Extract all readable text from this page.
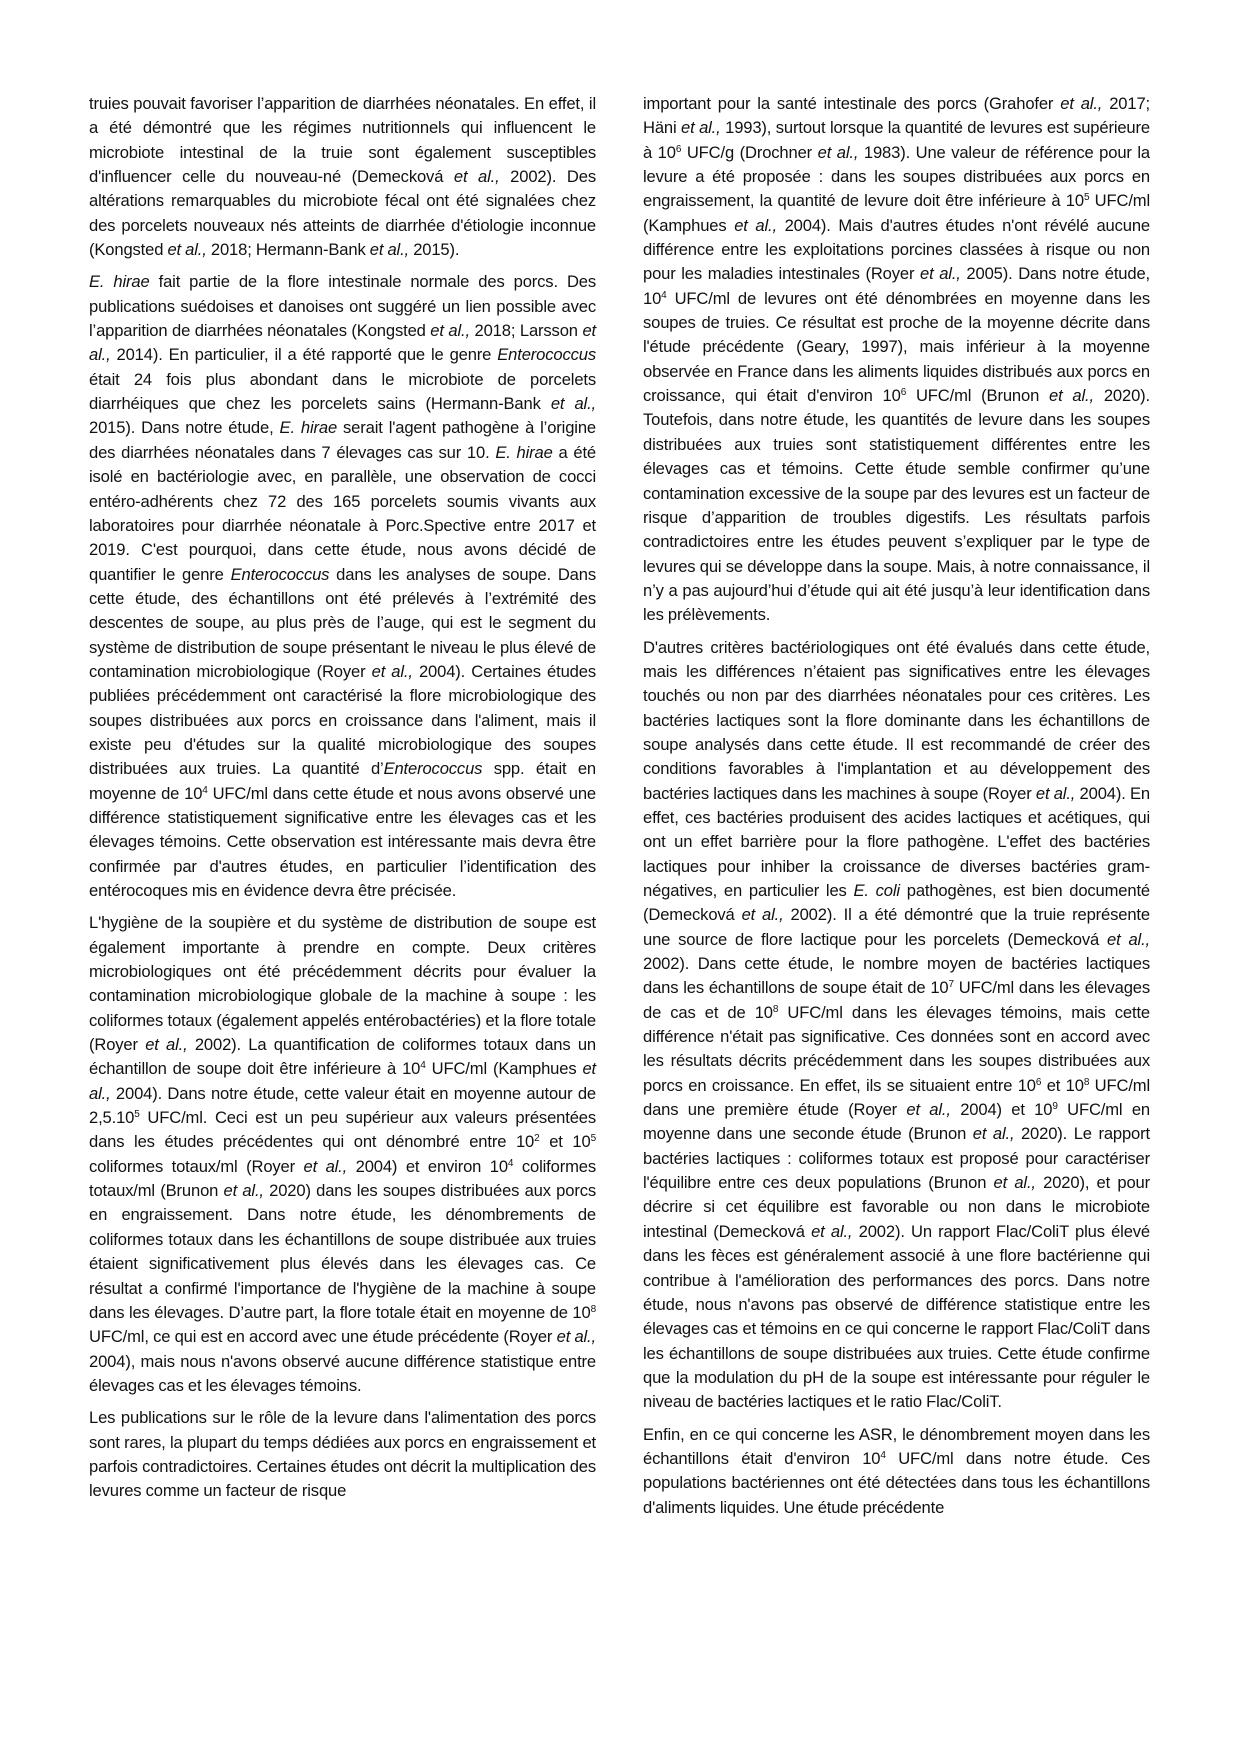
truies pouvait favoriser l’apparition de diarrhées néonatales. En effet, il a été démontré que les régimes nutritionnels qui influencent le microbiote intestinal de la truie sont également susceptibles d'influencer celle du nouveau-né (Demecková et al., 2002). Des altérations remarquables du microbiote fécal ont été signalées chez des porcelets nouveaux nés atteints de diarrhée d'étiologie inconnue (Kongsted et al., 2018; Hermann-Bank et al., 2015).

E. hirae fait partie de la flore intestinale normale des porcs. Des publications suédoises et danoises ont suggéré un lien possible avec l’apparition de diarrhées néonatales (Kongsted et al., 2018; Larsson et al., 2014). En particulier, il a été rapporté que le genre Enterococcus était 24 fois plus abondant dans le microbiote de porcelets diarrhéiques que chez les porcelets sains (Hermann-Bank et al., 2015). Dans notre étude, E. hirae serait l'agent pathogène à l’origine des diarrhées néonatales dans 7 élevages cas sur 10. E. hirae a été isolé en bactériologie avec, en parallèle, une observation de cocci entéro-adhérents chez 72 des 165 porcelets soumis vivants aux laboratoires pour diarrhée néonatale à Porc.Spective entre 2017 et 2019. C'est pourquoi, dans cette étude, nous avons décidé de quantifier le genre Enterococcus dans les analyses de soupe. Dans cette étude, des échantillons ont été prélevés à l’extrémité des descentes de soupe, au plus près de l’auge, qui est le segment du système de distribution de soupe présentant le niveau le plus élevé de contamination microbiologique (Royer et al., 2004). Certaines études publiées précédemment ont caractérisé la flore microbiologique des soupes distribuées aux porcs en croissance dans l'aliment, mais il existe peu d'études sur la qualité microbiologique des soupes distribuées aux truies. La quantité d’Enterococcus spp. était en moyenne de $10^4$ UFC/ml dans cette étude et nous avons observé une différence statistiquement significative entre les élevages cas et les élevages témoins. Cette observation est intéressante mais devra être confirmée par d'autres études, en particulier l’identification des entérocoques mis en évidence devra être précisée.

L'hygiène de la soupière et du système de distribution de soupe est également importante à prendre en compte. Deux critères microbiologiques ont été précédemment décrits pour évaluer la contamination microbiologique globale de la machine à soupe : les coliformes totaux (également appelés entérobactéries) et la flore totale (Royer et al., 2002). La quantification de coliformes totaux dans un échantillon de soupe doit être inférieure à $10^4$ UFC/ml (Kamphues et al., 2004). Dans notre étude, cette valeur était en moyenne autour de 2,5.10$^5$ UFC/ml. Ceci est un peu supérieur aux valeurs présentées dans les études précédentes qui ont dénombré entre $10^2$ et $10^5$ coliformes totaux/ml (Royer et al., 2004) et environ $10^4$ coliformes totaux/ml (Brunon et al., 2020) dans les soupes distribuées aux porcs en engraissement. Dans notre étude, les dénombrements de coliformes totaux dans les échantillons de soupe distribuée aux truies étaient significativement plus élevés dans les élevages cas. Ce résultat a confirmé l'importance de l'hygiène de la machine à soupe dans les élevages. D’autre part, la flore totale était en moyenne de $10^8$ UFC/ml, ce qui est en accord avec une étude précédente (Royer et al., 2004), mais nous n'avons observé aucune différence statistique entre élevages cas et les élevages témoins.

Les publications sur le rôle de la levure dans l'alimentation des porcs sont rares, la plupart du temps dédiées aux porcs en engraissement et parfois contradictoires. Certaines études ont décrit la multiplication des levures comme un facteur de risque

important pour la santé intestinale des porcs (Grahofer et al., 2017; Häni et al., 1993), surtout lorsque la quantité de levures est supérieure à $10^6$ UFC/g (Drochner et al., 1983). Une valeur de référence pour la levure a été proposée : dans les soupes distribuées aux porcs en engraissement, la quantité de levure doit être inférieure à $10^5$ UFC/ml (Kamphues et al., 2004). Mais d'autres études n'ont révélé aucune différence entre les exploitations porcines classées à risque ou non pour les maladies intestinales (Royer et al., 2005). Dans notre étude, $10^4$ UFC/ml de levures ont été dénombrées en moyenne dans les soupes de truies. Ce résultat est proche de la moyenne décrite dans l'étude précédente (Geary, 1997), mais inférieur à la moyenne observée en France dans les aliments liquides distribués aux porcs en croissance, qui était d'environ $10^6$ UFC/ml (Brunon et al., 2020). Toutefois, dans notre étude, les quantités de levure dans les soupes distribuées aux truies sont statistiquement différentes entre les élevages cas et témoins. Cette étude semble confirmer qu’une contamination excessive de la soupe par des levures est un facteur de risque d’apparition de troubles digestifs. Les résultats parfois contradictoires entre les études peuvent s’expliquer par le type de levures qui se développe dans la soupe. Mais, à notre connaissance, il n’y a pas aujourd’hui d’étude qui ait été jusqu’à leur identification dans les prélèvements.

D'autres critères bactériologiques ont été évalués dans cette étude, mais les différences n’étaient pas significatives entre les élevages touchés ou non par des diarrhées néonatales pour ces critères. Les bactéries lactiques sont la flore dominante dans les échantillons de soupe analysés dans cette étude. Il est recommandé de créer des conditions favorables à l'implantation et au développement des bactéries lactiques dans les machines à soupe (Royer et al., 2004). En effet, ces bactéries produisent des acides lactiques et acétiques, qui ont un effet barrière pour la flore pathogène. L'effet des bactéries lactiques pour inhiber la croissance de diverses bactéries gram-négatives, en particulier les E. coli pathogènes, est bien documenté (Demecková et al., 2002). Il a été démontré que la truie représente une source de flore lactique pour les porcelets (Demecková et al., 2002). Dans cette étude, le nombre moyen de bactéries lactiques dans les échantillons de soupe était de $10^7$ UFC/ml dans les élevages de cas et de $10^8$ UFC/ml dans les élevages témoins, mais cette différence n'était pas significative. Ces données sont en accord avec les résultats décrits précédemment dans les soupes distribuées aux porcs en croissance. En effet, ils se situaient entre $10^6$ et $10^8$ UFC/ml dans une première étude (Royer et al., 2004) et $10^9$ UFC/ml en moyenne dans une seconde étude (Brunon et al., 2020). Le rapport bactéries lactiques : coliformes totaux est proposé pour caractériser l'équilibre entre ces deux populations (Brunon et al., 2020), et pour décrire si cet équilibre est favorable ou non dans le microbiote intestinal (Demecková et al., 2002). Un rapport Flac/ColiT plus élevé dans les fèces est généralement associé à une flore bactérienne qui contribue à l'amélioration des performances des porcs. Dans notre étude, nous n'avons pas observé de différence statistique entre les élevages cas et témoins en ce qui concerne le rapport Flac/ColiT dans les échantillons de soupe distribuées aux truies. Cette étude confirme que la modulation du pH de la soupe est intéressante pour réguler le niveau de bactéries lactiques et le ratio Flac/ColiT.

Enfin, en ce qui concerne les ASR, le dénombrement moyen dans les échantillons était d'environ $10^4$ UFC/ml dans notre étude. Ces populations bactériennes ont été détectées dans tous les échantillons d'aliments liquides. Une étude précédente
